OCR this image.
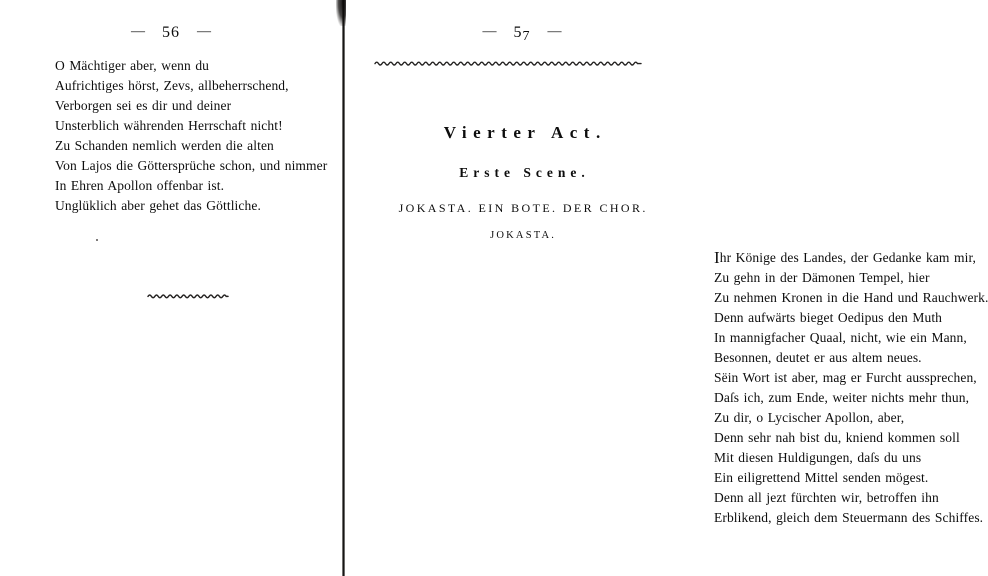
— 56 —
O Mächtiger aber, wenn du
Aufrichtiges hörst, Zevs, allbeherrschend,
Verborgen sei es dir und deiner
Unsterblich währenden Herrschaft nicht!
Zu Schanden nemlich werden die alten
Von Lajos die Göttersprüche schon, und nimmer
In Ehren Apollon offenbar ist.
Unglüklich aber gehet das Göttliche.
— 57 —
Vierter Act.
Erste Scene.
JOKASTA. EIN BOTE. DER CHOR.
JOKASTA.
Ihr Könige des Landes, der Gedanke kam mir,
Zu gehn in der Dämonen Tempel, hier
Zu nehmen Kronen in die Hand und Rauchwerk.
Denn aufwärts bieget Oedipus den Muth
In mannigfacher Quaal, nicht, wie ein Mann,
Besonnen, deutet er aus altem neues.
Sëin Wort ist aber, mag er Furcht aussprechen,
Daſs ich, zum Ende, weiter nichts mehr thun,
Zu dir, o Lycischer Apollon, aber,
Denn sehr nah bist du, kniend kommen soll
Mit diesen Huldigungen, daſs du uns
Ein eiligrettend Mittel senden mögest.
Denn all jezt fürchten wir, betroffen ihn
Erblikend, gleich dem Steuermann des Schiffes.
